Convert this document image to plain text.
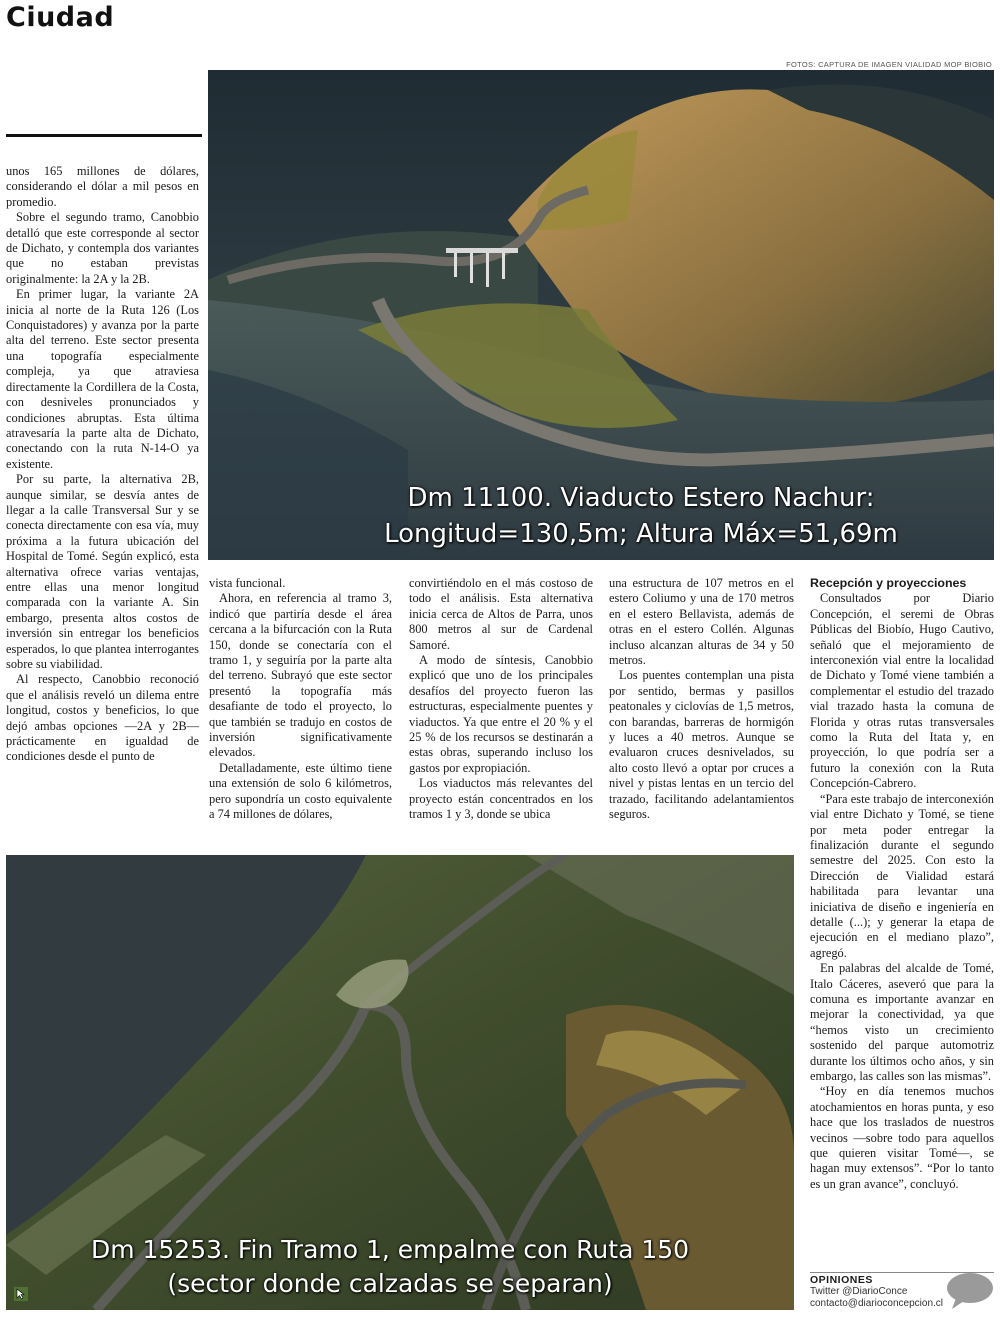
Ciudad
FOTOS: CAPTURA DE IMAGEN VIALIDAD MOP BIOBIO
Dm 11100. Viaducto Estero Nachur:
Longitud=130,5m; Altura Máx=51,69m

unos 165 millones de dólares, considerando el dólar a mil pesos en promedio.

Sobre el segundo tramo, Canobbio detalló que este corresponde al sector de Dichato, y contempla dos variantes que no estaban previstas originalmente: la 2A y la 2B.

En primer lugar, la variante 2A inicia al norte de la Ruta 126 (Los Conquistadores) y avanza por la parte alta del terreno. Este sector presenta una topografía especialmente compleja, ya que atraviesa directamente la Cordillera de la Costa, con desniveles pronunciados y condiciones abruptas. Esta última atravesaría la parte alta de Dichato, conectando con la ruta N-14-O ya existente.

Por su parte, la alternativa 2B, aunque similar, se desvía antes de llegar a la calle Transversal Sur y se conecta directamente con esa vía, muy próxima a la futura ubicación del Hospital de Tomé. Según explicó, esta alternativa ofrece varias ventajas, entre ellas una menor longitud comparada con la variante A. Sin embargo, presenta altos costos de inversión sin entregar los beneficios esperados, lo que plantea interrogantes sobre su viabilidad.

Al respecto, Canobbio reconoció que el análisis reveló un dilema entre longitud, costos y beneficios, lo que dejó ambas opciones —2A y 2B— prácticamente en igualdad de condiciones desde el punto de

vista funcional.

Ahora, en referencia al tramo 3, indicó que partiría desde el área cercana a la bifurcación con la Ruta 150, donde se conectaría con el tramo 1, y seguiría por la parte alta del terreno. Subrayó que este sector presentó la topografía más desafiante de todo el proyecto, lo que también se tradujo en costos de inversión significativamente elevados.

Detalladamente, este último tiene una extensión de solo 6 kilómetros, pero supondría un costo equivalente a 74 millones de dólares,

convirtiéndolo en el más costoso de todo el análisis. Esta alternativa inicia cerca de Altos de Parra, unos 800 metros al sur de Cardenal Samoré.

A modo de síntesis, Canobbio explicó que uno de los principales desafíos del proyecto fueron las estructuras, especialmente puentes y viaductos. Ya que entre el 20 % y el 25 % de los recursos se destinarán a estas obras, superando incluso los gastos por expropiación.

Los viaductos más relevantes del proyecto están concentrados en los tramos 1 y 3, donde se ubica

una estructura de 107 metros en el estero Coliumo y una de 170 metros en el estero Bellavista, además de otras en el estero Collén. Algunas incluso alcanzan alturas de 34 y 50 metros.

Los puentes contemplan una pista por sentido, bermas y pasillos peatonales y ciclovías de 1,5 metros, con barandas, barreras de hormigón y luces a 40 metros. Aunque se evaluaron cruces desnivelados, su alto costo llevó a optar por cruces a nivel y pistas lentas en un tercio del trazado, facilitando adelantamientos seguros.

Recepción y proyecciones

Consultados por Diario Concepción, el seremi de Obras Públicas del Biobío, Hugo Cautivo, señaló que el mejoramiento de interconexión vial entre la localidad de Dichato y Tomé viene también a complementar el estudio del trazado vial trazado hasta la comuna de Florida y otras rutas transversales como la Ruta del Itata y, en proyección, lo que podría ser a futuro la conexión con la Ruta Concepción-Cabrero.

“Para este trabajo de interconexión vial entre Dichato y Tomé, se tiene por meta poder entregar la finalización durante el segundo semestre del 2025. Con esto la Dirección de Vialidad estará habilitada para levantar una iniciativa de diseño e ingeniería en detalle (...); y generar la etapa de ejecución en el mediano plazo”, agregó.

En palabras del alcalde de Tomé, Italo Cáceres, aseveró que para la comuna es importante avanzar en mejorar la conectividad, ya que “hemos visto un crecimiento sostenido del parque automotriz durante los últimos ocho años, y sin embargo, las calles son las mismas”.

“Hoy en día tenemos muchos atochamientos en horas punta, y eso hace que los traslados de nuestros vecinos —sobre todo para aquellos que quieren visitar Tomé—, se hagan muy extensos”. “Por lo tanto es un gran avance”, concluyó.

Dm 15253. Fin Tramo 1, empalme con Ruta 150
(sector donde calzadas se separan)	OPINIONES
Twitter @DiarioConce
contacto@diarioconcepcion.cl
